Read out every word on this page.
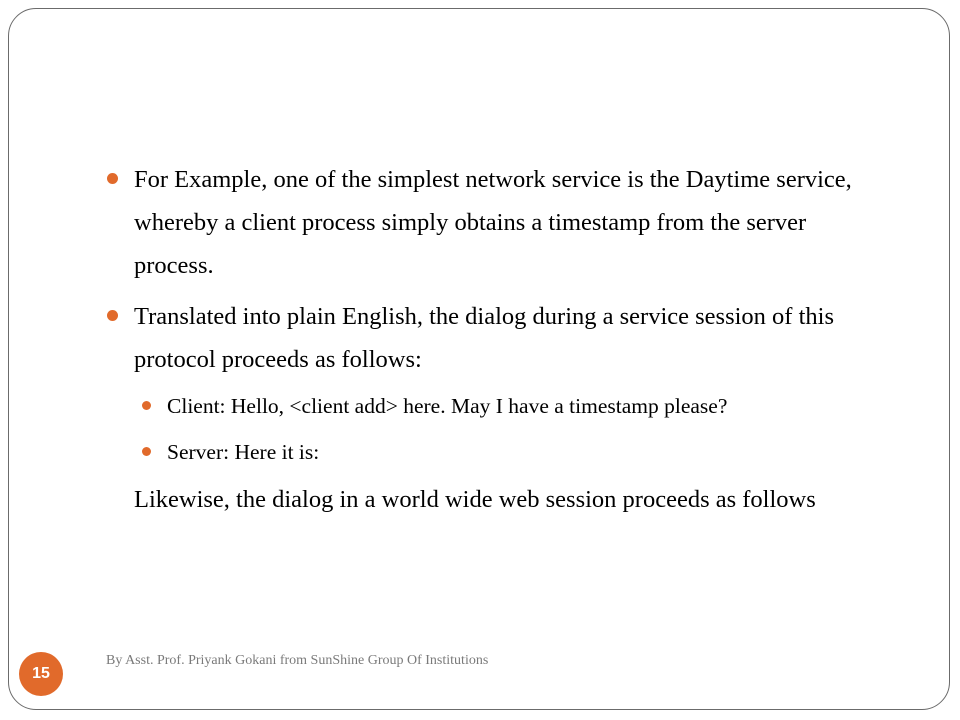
For Example, one of the simplest network service is the Daytime service, whereby a client process simply obtains a timestamp from the server process.
Translated into plain English, the dialog during a service session of this protocol proceeds as follows:
Client: Hello, <client add> here. May I have a timestamp please?
Server: Here it is:
Likewise, the dialog in a world wide web session proceeds as follows
15
By Asst. Prof. Priyank Gokani from SunShine Group Of Institutions
